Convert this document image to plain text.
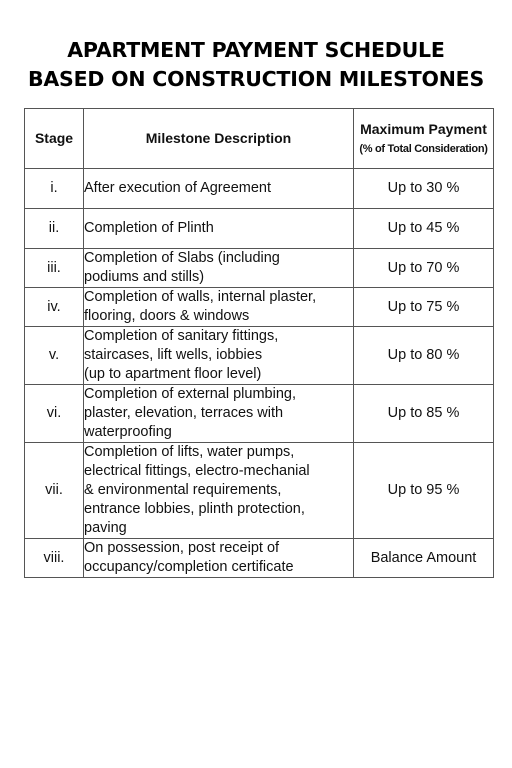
APARTMENT PAYMENT SCHEDULE
BASED ON CONSTRUCTION MILESTONES
Stage	Milestone Description	Maximum Payment
(% of Total Consideration)

i.	After execution of Agreement	Up to 30 %
ii.	Completion of Plinth	Up to 45 %
iii.	Completion of Slabs (including
podiums and stills)	Up to 70 %
iv.	Completion of walls, internal plaster,
flooring, doors & windows	Up to 75 %
v.	Completion of sanitary fittings,
staircases, lift wells, iobbies
(up to apartment floor level)	Up to 80 %
vi.	Completion of external plumbing,
plaster, elevation, terraces with
waterproofing	Up to 85 %
vii.	Completion of lifts, water pumps,
electrical fittings, electro-mechanial
& environmental requirements,
entrance lobbies, plinth protection,
paving	Up to 95 %
viii.	On possession, post receipt of
occupancy/completion certificate	Balance Amount
